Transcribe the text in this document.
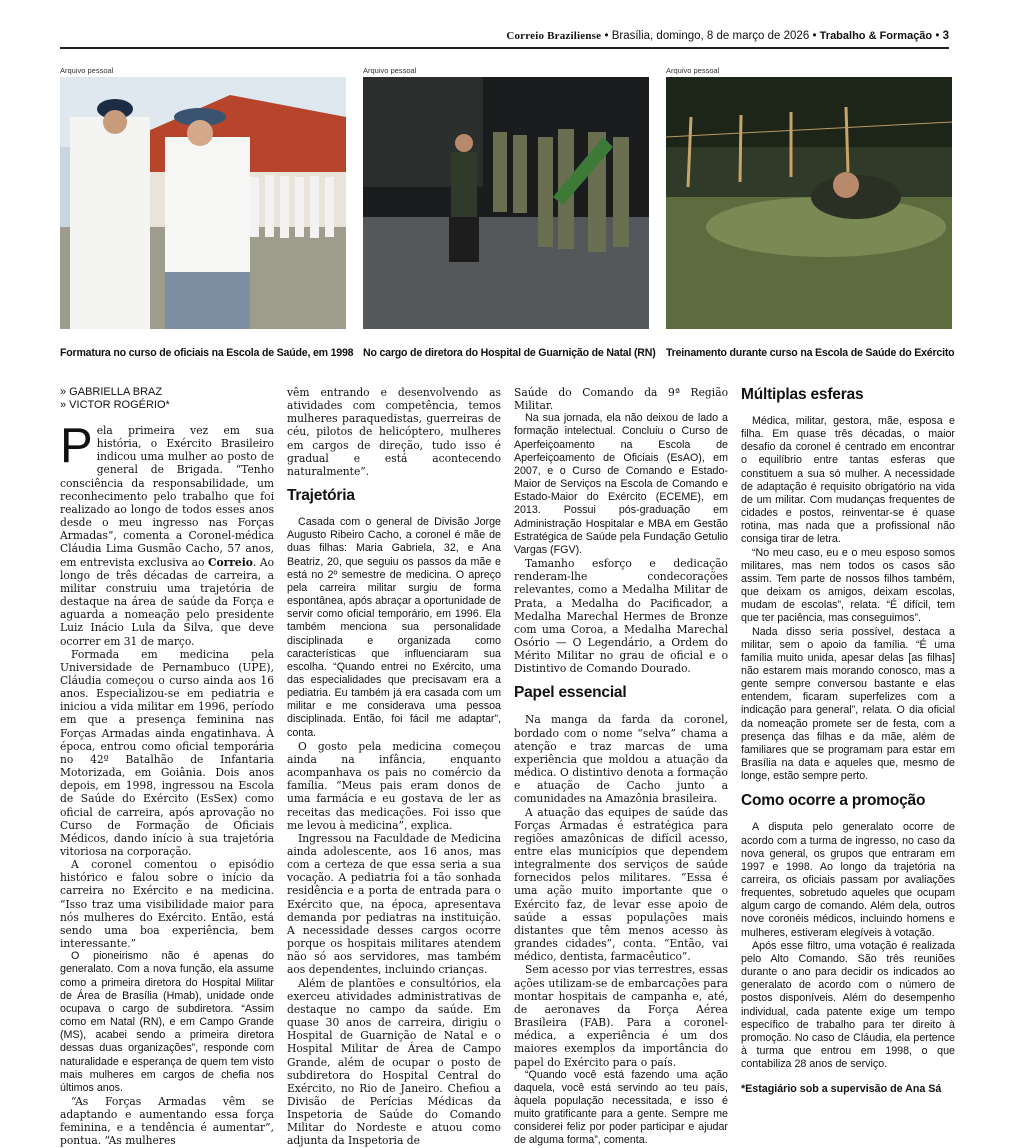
Correio Braziliense • Brasília, domingo, 8 de março de 2026 • Trabalho & Formação • 3
Arquivo pessoal
Formatura no curso de oficiais na Escola de Saúde, em 1998
Arquivo pessoal
No cargo de diretora do Hospital de Guarnição de Natal (RN)
Arquivo pessoal
Treinamento durante curso na Escola de Saúde do Exército
» GABRIELLA BRAZ
» VICTOR ROGÉRIO*

Pela primeira vez em sua história, o Exército Brasileiro indicou uma mulher ao posto de general de Brigada. “Tenho consciência da responsabilidade, um reconhecimento pelo trabalho que foi realizado ao longo de todos esses anos desde o meu ingresso nas Forças Armadas”, comenta a Coronel-médica Cláudia Lima Gusmão Cacho, 57 anos, em entrevista exclusiva ao Correio. Ao longo de três décadas de carreira, a militar construiu uma trajetória de destaque na área de saúde da Força e aguarda a nomeação pelo presidente Luiz Inácio Lula da Silva, que deve ocorrer em 31 de março.

Formada em medicina pela Universidade de Pernambuco (UPE), Cláudia começou o curso ainda aos 16 anos. Especializou-se em pediatria e iniciou a vida militar em 1996, período em que a presença feminina nas Forças Armadas ainda engatinhava. À época, entrou como oficial temporária no 42º Batalhão de Infantaria Motorizada, em Goiânia. Dois anos depois, em 1998, ingressou na Escola de Saúde do Exército (EsSex) como oficial de carreira, após aprovação no Curso de Formação de Oficiais Médicos, dando início à sua trajetória vitoriosa na corporação.

A coronel comentou o episódio histórico e falou sobre o início da carreira no Exército e na medicina. “Isso traz uma visibilidade maior para nós mulheres do Exército. Então, está sendo uma boa experiência, bem interessante.”

O pioneirismo não é apenas do generalato. Com a nova função, ela assume como a primeira diretora do Hospital Militar de Área de Brasília (Hmab), unidade onde ocupava o cargo de subdiretora. “Assim como em Natal (RN), e em Campo Grande (MS), acabei sendo a primeira diretora dessas duas organizações”, responde com naturalidade e esperança de quem tem visto mais mulheres em cargos de chefia nos últimos anos.

“As Forças Armadas vêm se adaptando e aumentando essa força feminina, e a tendência é aumentar”, pontua. “As mulheres

vêm entrando e desenvolvendo as atividades com competência, temos mulheres paraquedistas, guerreiras de céu, pilotos de helicóptero, mulheres em cargos de direção, tudo isso é gradual e está acontecendo naturalmente”.

Trajetória

Casada com o general de Divisão Jorge Augusto Ribeiro Cacho, a coronel é mãe de duas filhas: Maria Gabriela, 32, e Ana Beatriz, 20, que seguiu os passos da mãe e está no 2º semestre de medicina. O apreço pela carreira militar surgiu de forma espontânea, após abraçar a oportunidade de servir como oficial temporário, em 1996. Ela também menciona sua personalidade disciplinada e organizada como características que influenciaram sua escolha. “Quando entrei no Exército, uma das especialidades que precisavam era a pediatria. Eu também já era casada com um militar e me considerava uma pessoa disciplinada. Então, foi fácil me adaptar”, conta.

O gosto pela medicina começou ainda na infância, enquanto acompanhava os pais no comércio da família. “Meus pais eram donos de uma farmácia e eu gostava de ler as receitas das medicações. Foi isso que me levou à medicina”, explica.

Ingressou na Faculdade de Medicina ainda adolescente, aos 16 anos, mas com a certeza de que essa seria a sua vocação. A pediatria foi a tão sonhada residência e a porta de entrada para o Exército que, na época, apresentava demanda por pediatras na instituição. A necessidade desses cargos ocorre porque os hospitais militares atendem não só aos servidores, mas também aos dependentes, incluindo crianças.

Além de plantões e consultórios, ela exerceu atividades administrativas de destaque no campo da saúde. Em quase 30 anos de carreira, dirigiu o Hospital de Guarnição de Natal e o Hospital Militar de Área de Campo Grande, além de ocupar o posto de subdiretora do Hospital Central do Exército, no Rio de Janeiro. Chefiou a Divisão de Perícias Médicas da Inspetoria de Saúde do Comando Militar do Nordeste e atuou como adjunta da Inspetoria de

Saúde do Comando da 9ª Região Militar.

Na sua jornada, ela não deixou de lado a formação intelectual. Concluiu o Curso de Aperfeiçoamento na Escola de Aperfeiçoamento de Oficiais (EsAO), em 2007, e o Curso de Comando e Estado-Maior de Serviços na Escola de Comando e Estado-Maior do Exército (ECEME), em 2013. Possui pós-graduação em Administração Hospitalar e MBA em Gestão Estratégica de Saúde pela Fundação Getulio Vargas (FGV).

Tamanho esforço e dedicação renderam-lhe condecorações relevantes, como a Medalha Militar de Prata, a Medalha do Pacificador, a Medalha Marechal Hermes de Bronze com uma Coroa, a Medalha Marechal Osório — O Legendário, a Ordem do Mérito Militar no grau de oficial e o Distintivo de Comando Dourado.

Papel essencial

Na manga da farda da coronel, bordado com o nome “selva” chama a atenção e traz marcas de uma experiência que moldou a atuação da médica. O distintivo denota a formação e atuação de Cacho junto a comunidades na Amazônia brasileira.

A atuação das equipes de saúde das Forças Armadas é estratégica para regiões amazônicas de difícil acesso, entre elas municípios que dependem integralmente dos serviços de saúde fornecidos pelos militares. “Essa é uma ação muito importante que o Exército faz, de levar esse apoio de saúde a essas populações mais distantes que têm menos acesso às grandes cidades”, conta. “Então, vai médico, dentista, farmacêutico”.

Sem acesso por vias terrestres, essas ações utilizam-se de embarcações para montar hospitais de campanha e, até, de aeronaves da Força Aérea Brasileira (FAB). Para a coronel-médica, a experiência é um dos maiores exemplos da importância do papel do Exército para o país.

“Quando você está fazendo uma ação daquela, você está servindo ao teu país, àquela população necessitada, e isso é muito gratificante para a gente. Sempre me considerei feliz por poder participar e ajudar de alguma forma”, comenta.

Múltiplas esferas

Médica, militar, gestora, mãe, esposa e filha. Em quase três décadas, o maior desafio da coronel é centrado em encontrar o equilíbrio entre tantas esferas que constituem a sua só mulher. A necessidade de adaptação é requisito obrigatório na vida de um militar. Com mudanças frequentes de cidades e postos, reinventar-se é quase rotina, mas nada que a profissional não consiga tirar de letra.

“No meu caso, eu e o meu esposo somos militares, mas nem todos os casos são assim. Tem parte de nossos filhos também, que deixam os amigos, deixam escolas, mudam de escolas”, relata. “É difícil, tem que ter paciência, mas conseguimos”.

Nada disso seria possível, destaca a militar, sem o apoio da família. “É uma família muito unida, apesar delas [as filhas] não estarem mais morando conosco, mas a gente sempre conversou bastante e elas entendem, ficaram superfelizes com a indicação para general”, relata. O dia oficial da nomeação promete ser de festa, com a presença das filhas e da mãe, além de familiares que se programam para estar em Brasília na data e aqueles que, mesmo de longe, estão sempre perto.

Como ocorre a promoção

A disputa pelo generalato ocorre de acordo com a turma de ingresso, no caso da nova general, os grupos que entraram em 1997 e 1998. Ao longo da trajetória na carreira, os oficiais passam por avaliações frequentes, sobretudo aqueles que ocupam algum cargo de comando. Além dela, outros nove coronéis médicos, incluindo homens e mulheres, estiveram elegíveis à votação.

Após esse filtro, uma votação é realizada pelo Alto Comando. São três reuniões durante o ano para decidir os indicados ao generalato de acordo com o número de postos disponíveis. Além do desempenho individual, cada patente exige um tempo específico de trabalho para ter direito à promoção. No caso de Cláudia, ela pertence à turma que entrou em 1998, o que contabiliza 28 anos de serviço.

*Estagiário sob a supervisão de Ana Sá
